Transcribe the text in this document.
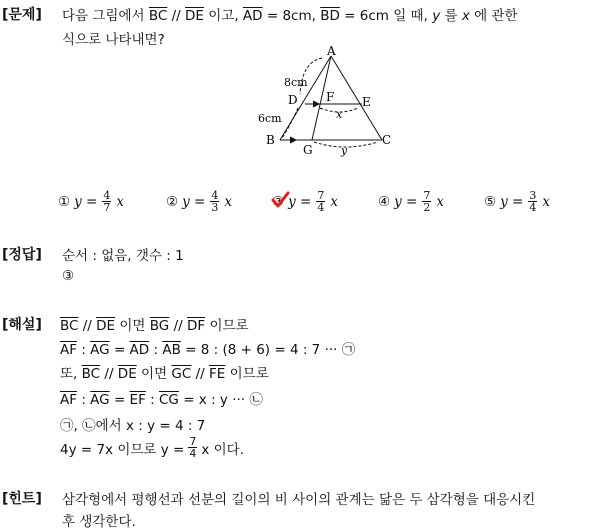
[문제] 다음 그림에서 $\overline{BC} // \overline{DE}$ 이고, $\overline{AD} = 8cm$, $\overline{BD} = 6cm$ 일 때, y 를 x 에 관한
식으로 나타내면?
A
B	C
D	E
F
G
8cm
6cm	x
y
① $y = \frac{4}{7}$ x	② $y = \frac{4}{3}$ x	③ $y = \frac{7}{4}$ x	④ $y = \frac{7}{2}$ x	⑤ $y = \frac{3}{4}$ x
[정답] 순서 : 없음, 갯수 : 1
③
[해설] $\overline{BC} // \overline{DE}$ 이면 $\overline{BG} // \overline{DF}$ 이므로
$\overline{AF}$ : $\overline{AG} = \overline{AD}$ : $\overline{AB} = 8$ : (8 + 6) = 4 : 7 ··· ㉠
또, $\overline{BC} // \overline{DE}$ 이면 $\overline{GC} // \overline{FE}$ 이므로
$\overline{AF}$ : $\overline{AG} = \overline{EF}$ : $\overline{CG} = x$ : y ··· ㉡
㉠, ㉡에서 x : y = 4 : 7
4y = 7x 이므로 $y = \frac{7}{4}$ x 이다.
[힌트] 삼각형에서 평행선과 선분의 길이의 비 사이의 관계는 닮은 두 삼각형을 대응시킨
후 생각한다.
